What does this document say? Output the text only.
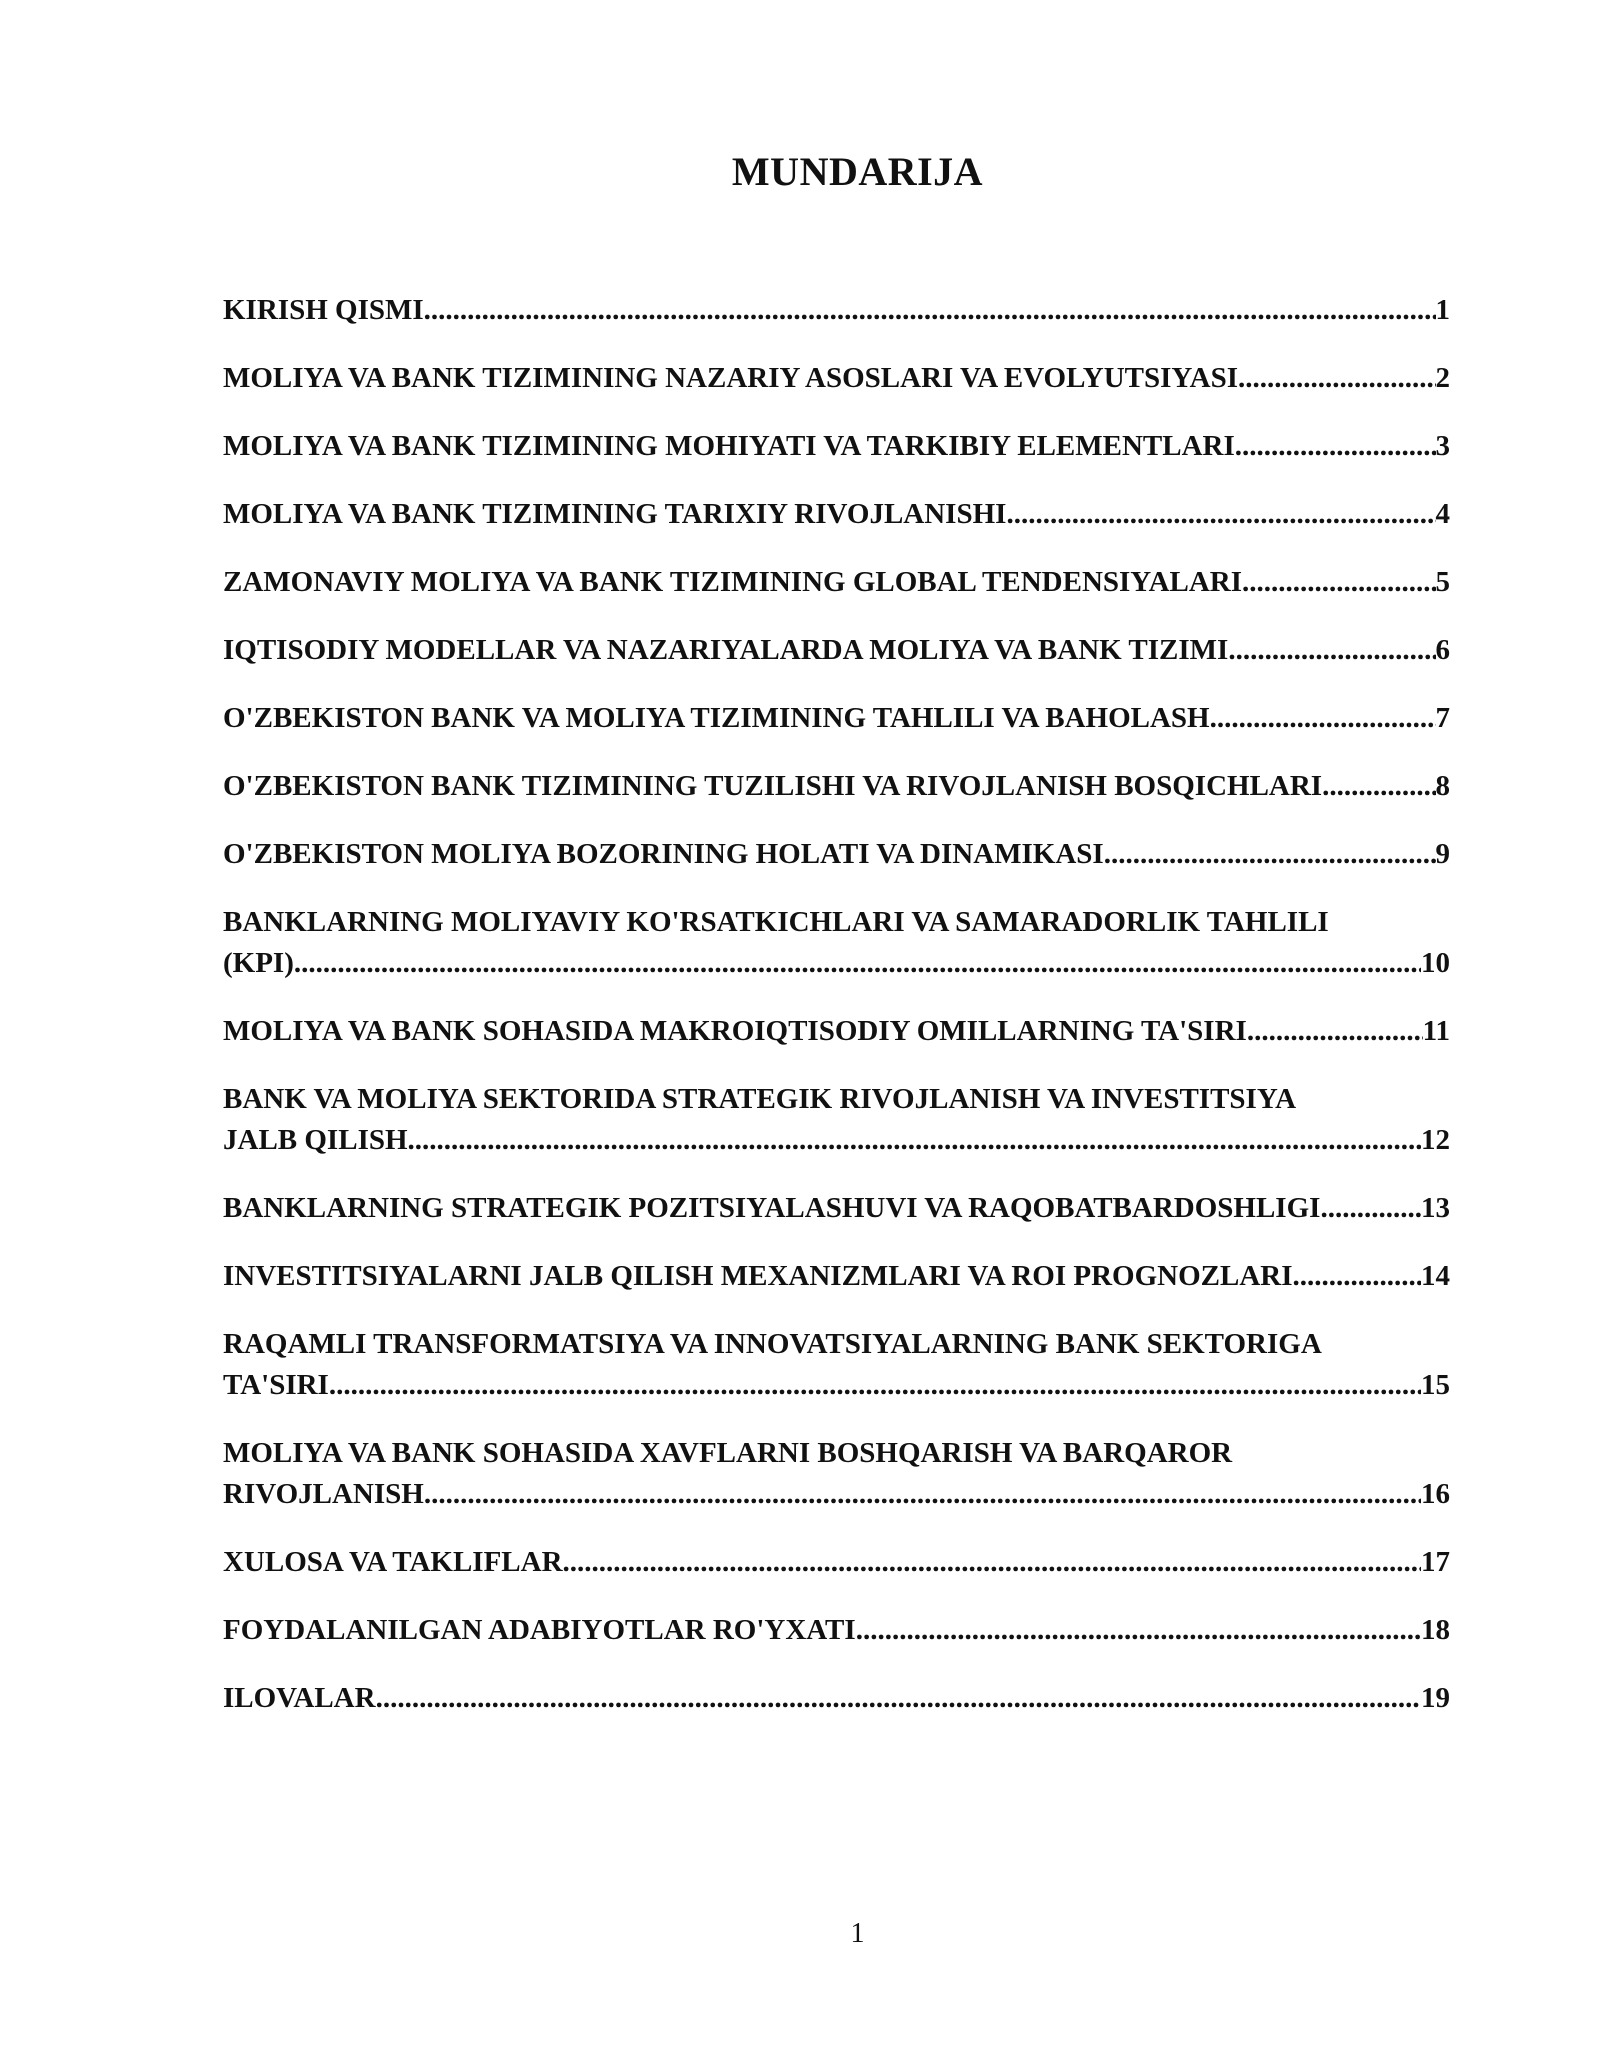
MUNDARIJA
KIRISH QISMI .....	1
MOLIYA VA BANK TIZIMINING NAZARIY ASOSLARI VA EVOLYUTSIYASI .....	2
MOLIYA VA BANK TIZIMINING MOHIYATI VA TARKIBIY ELEMENTLARI .....	3
MOLIYA VA BANK TIZIMINING TARIXIY RIVOJLANISHI .....	4
ZAMONAVIY MOLIYA VA BANK TIZIMINING GLOBAL TENDENSIYALARI .....	5
IQTISODIY MODELLAR VA NAZARIYALARDA MOLIYA VA BANK TIZIMI .....	6
O'ZBEKISTON BANK VA MOLIYA TIZIMINING TAHLILI VA BAHOLASH .....	7
O'ZBEKISTON BANK TIZIMINING TUZILISHI VA RIVOJLANISH BOSQICHLARI .....	8
O'ZBEKISTON MOLIYA BOZORINING HOLATI VA DINAMIKASI .....	9
BANKLARNING MOLIYAVIY KO'RSATKICHLARI VA SAMARADORLIK TAHLILI
(KPI) .....	10
MOLIYA VA BANK SOHASIDA MAKROIQTISODIY OMILLARNING TA'SIRI .....	11
BANK VA MOLIYA SEKTORIDA STRATEGIK RIVOJLANISH VA INVESTITSIYA
JALB QILISH .....	12
BANKLARNING STRATEGIK POZITSIYALASHUVI VA RAQOBATBARDOSHLIGI .....	13
INVESTITSIYALARNI JALB QILISH MEXANIZMLARI VA ROI PROGNOZLARI .....	14
RAQAMLI TRANSFORMATSIYA VA INNOVATSIYALARNING BANK SEKTORIGA
TA'SIRI .....	15
MOLIYA VA BANK SOHASIDA XAVFLARNI BOSHQARISH VA BARQAROR
RIVOJLANISH .....	16
XULOSA VA TAKLIFLAR .....	17
FOYDALANILGAN ADABIYOTLAR RO'YXATI .....	18
ILOVALAR .....	19
1
